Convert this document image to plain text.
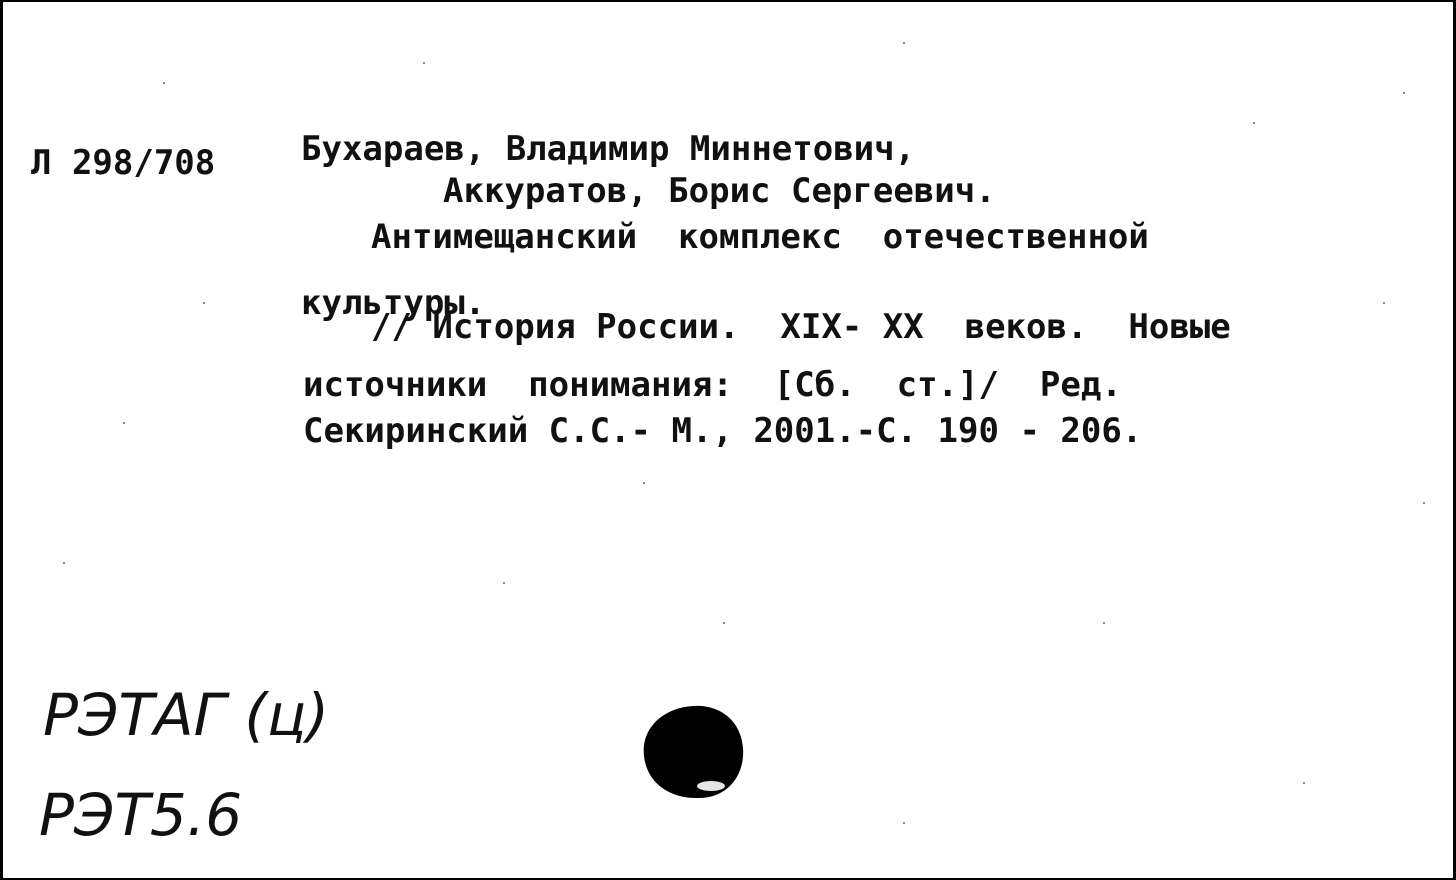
Л 298/708	Бухараев, Владимир Миннетович,
Аккуратов, Борис Сергеевич.
Антимещанский  комплекс  отечественной
культуры.
// История России.  XIX- XX  веков.  Новые
источники  понимания:  [Сб.  ст.]/  Ред.
Секиринский С.С.- М., 2001.-С. 190 - 206.
РЭТАГ (ц)
РЭТ5.6
